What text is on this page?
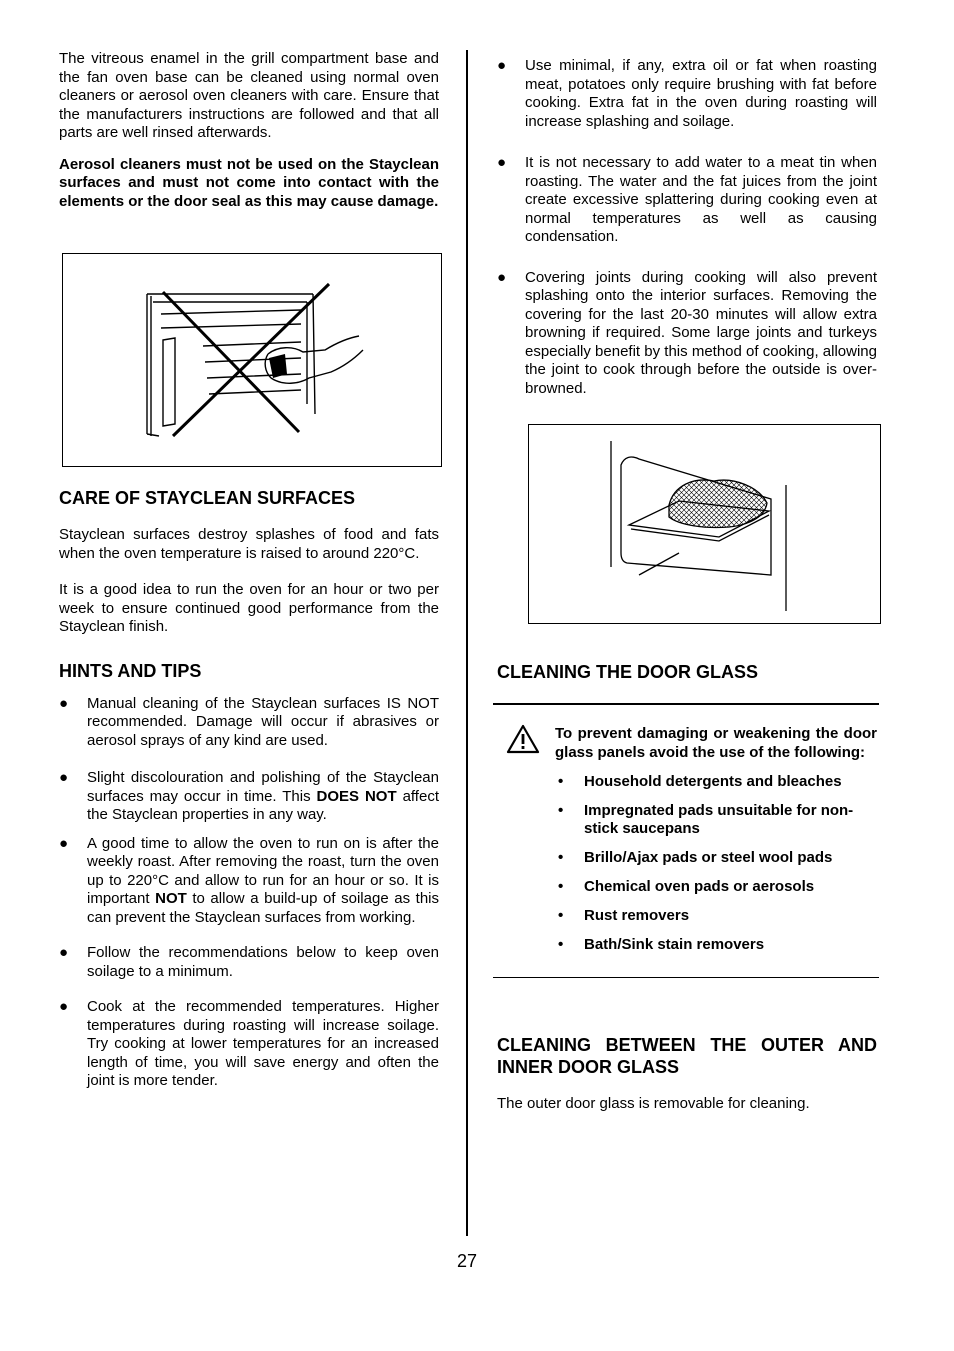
The vitreous enamel in the grill compartment base and the fan oven base can be cleaned using normal oven cleaners or aerosol oven cleaners with care. Ensure that the manufacturers instructions are followed and that all parts are well rinsed afterwards.

Aerosol cleaners must not be used on the Stayclean surfaces and must not come into contact with the elements or the door seal as this may cause damage.

CARE OF STAYCLEAN SURFACES

Stayclean surfaces destroy splashes of food and fats when the oven temperature is raised to around 220°C.

It is a good idea to run the oven for an hour or two per week to ensure continued good performance from the Stayclean finish.

HINTS AND TIPS
● Manual cleaning of the Stayclean surfaces IS NOT recommended. Damage will occur if abrasives or aerosol sprays of any kind are used.
● Slight discolouration and polishing of the Stayclean surfaces may occur in time. This DOES NOT affect the Stayclean properties in any way.
● A good time to allow the oven to run on is after the weekly roast. After removing the roast, turn the oven up to 220°C and allow to run for an hour or so. It is important NOT to allow a build-up of soilage as this can prevent the Stayclean surfaces from working.
● Follow the recommendations below to keep oven soilage to a minimum.
● Cook at the recommended temperatures. Higher temperatures during roasting will increase soilage. Try cooking at lower temperatures for an increased length of time, you will save energy and often the joint is more tender.
● Use minimal, if any, extra oil or fat when roasting meat, potatoes only require brushing with fat before cooking. Extra fat in the oven during roasting will increase splashing and soilage.
● It is not necessary to add water to a meat tin when roasting. The water and the fat juices from the joint create excessive splattering during cooking even at normal temperatures as well as causing condensation.
● Covering joints during cooking will also prevent splashing onto the interior surfaces. Removing the covering for the last 20-30 minutes will allow extra browning if required. Some large joints and turkeys especially benefit by this method of cooking, allowing the joint to cook through before the outside is over-browned.
CLEANING THE DOOR GLASS

To prevent damaging or weakening the door glass panels avoid the use of the following:

• Household detergents and bleaches
• Impregnated pads unsuitable for non-stick saucepans
• Brillo/Ajax pads or steel wool pads
• Chemical oven pads or aerosols
• Rust removers
• Bath/Sink stain removers
CLEANING BETWEEN THE OUTER AND INNER DOOR GLASS

The outer door glass is removable for cleaning.

27
